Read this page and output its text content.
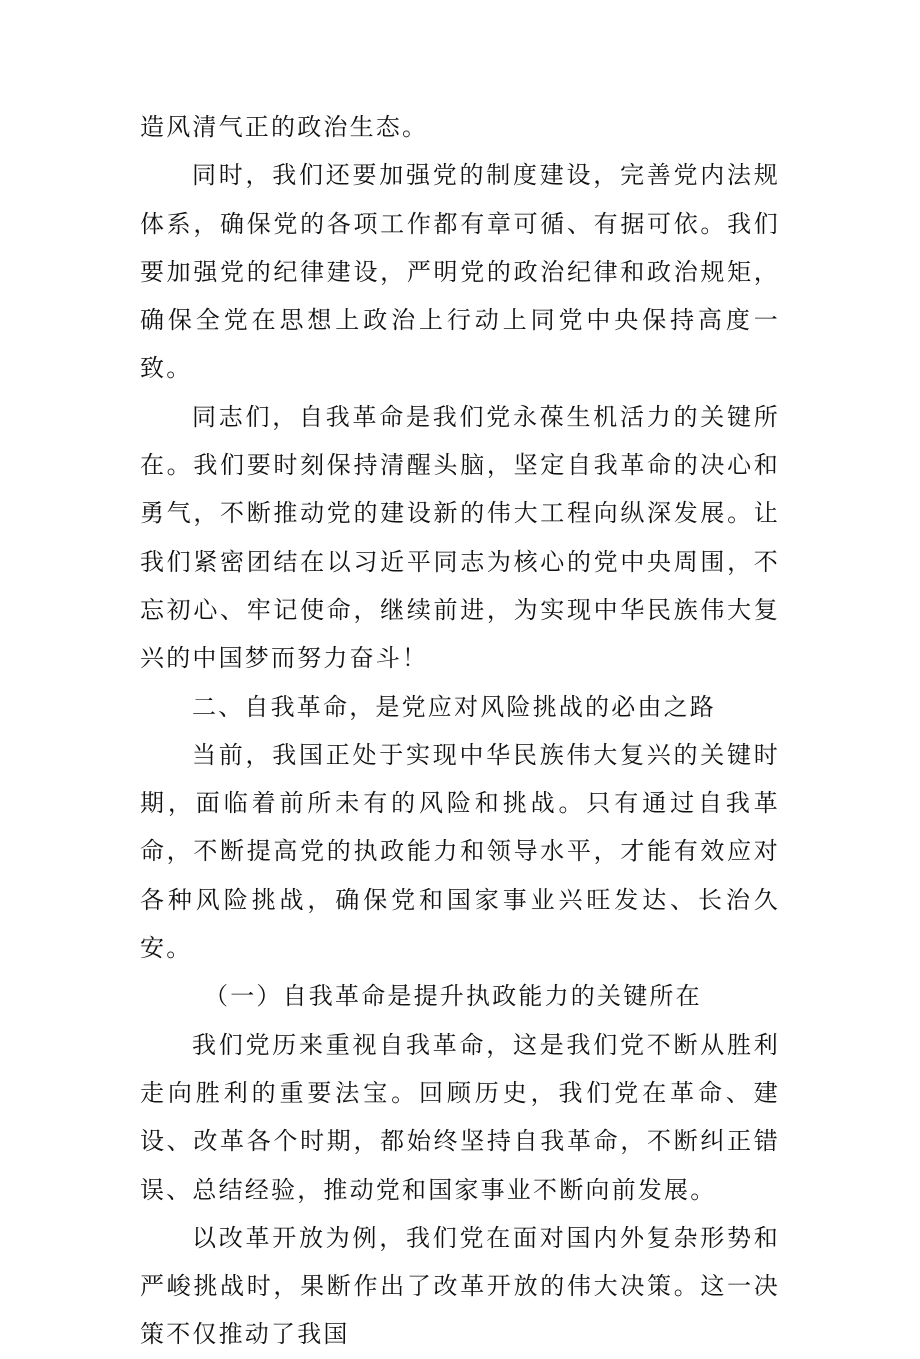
造风清气正的政治生态。

同时，我们还要加强党的制度建设，完善党内法规体系，确保党的各项工作都有章可循、有据可依。我们要加强党的纪律建设，严明党的政治纪律和政治规矩，确保全党在思想上政治上行动上同党中央保持高度一致。

同志们，自我革命是我们党永葆生机活力的关键所在。我们要时刻保持清醒头脑，坚定自我革命的决心和勇气，不断推动党的建设新的伟大工程向纵深发展。让我们紧密团结在以习近平同志为核心的党中央周围，不忘初心、牢记使命，继续前进，为实现中华民族伟大复兴的中国梦而努力奋斗！

二、自我革命，是党应对风险挑战的必由之路

当前，我国正处于实现中华民族伟大复兴的关键时期，面临着前所未有的风险和挑战。只有通过自我革命，不断提高党的执政能力和领导水平，才能有效应对各种风险挑战，确保党和国家事业兴旺发达、长治久安。

（一）自我革命是提升执政能力的关键所在

我们党历来重视自我革命，这是我们党不断从胜利走向胜利的重要法宝。回顾历史，我们党在革命、建设、改革各个时期，都始终坚持自我革命，不断纠正错误、总结经验，推动党和国家事业不断向前发展。

以改革开放为例，我们党在面对国内外复杂形势和严峻挑战时，果断作出了改革开放的伟大决策。这一决策不仅推动了我国
